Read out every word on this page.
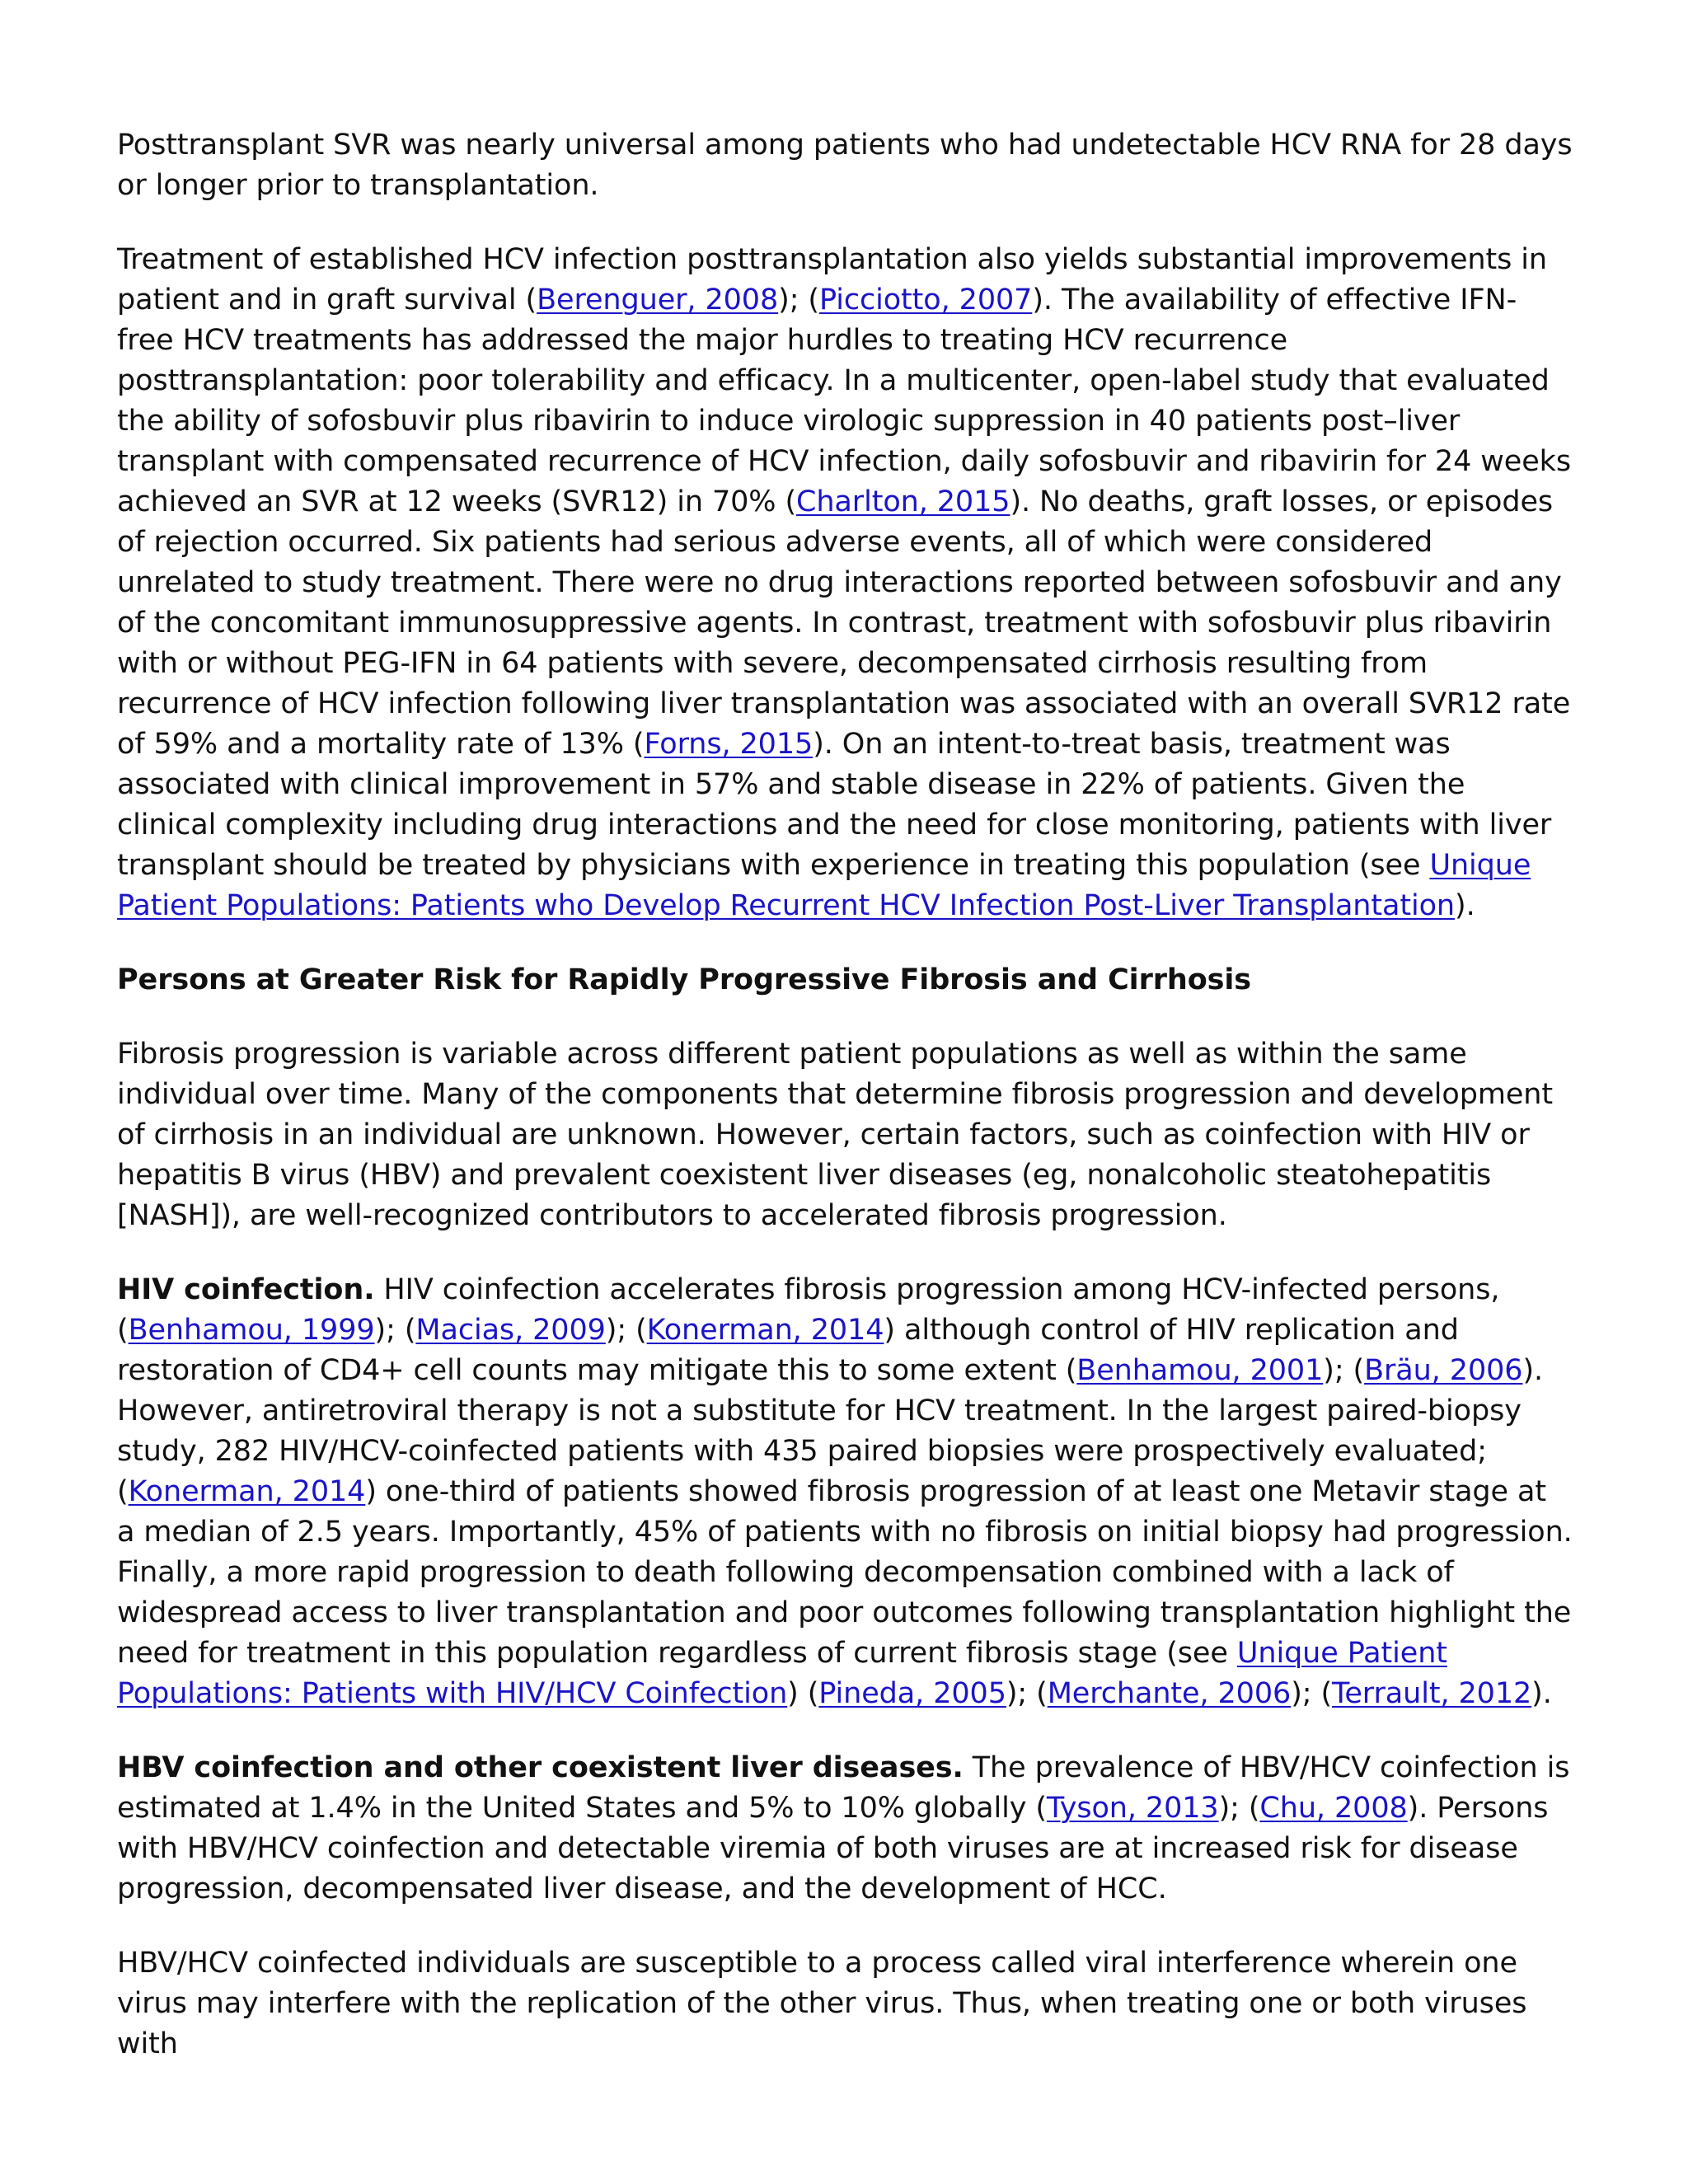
Posttransplant SVR was nearly universal among patients who had undetectable HCV RNA for 28 days or longer prior to transplantation.

Treatment of established HCV infection posttransplantation also yields substantial improvements in patient and in graft survival (Berenguer, 2008); (Picciotto, 2007). The availability of effective IFN-free HCV treatments has addressed the major hurdles to treating HCV recurrence posttransplantation: poor tolerability and efficacy. In a multicenter, open-label study that evaluated the ability of sofosbuvir plus ribavirin to induce virologic suppression in 40 patients post–liver transplant with compensated recurrence of HCV infection, daily sofosbuvir and ribavirin for 24 weeks achieved an SVR at 12 weeks (SVR12) in 70% (Charlton, 2015). No deaths, graft losses, or episodes of rejection occurred. Six patients had serious adverse events, all of which were considered unrelated to study treatment. There were no drug interactions reported between sofosbuvir and any of the concomitant immunosuppressive agents. In contrast, treatment with sofosbuvir plus ribavirin with or without PEG-IFN in 64 patients with severe, decompensated cirrhosis resulting from recurrence of HCV infection following liver transplantation was associated with an overall SVR12 rate of 59% and a mortality rate of 13% (Forns, 2015). On an intent-to-treat basis, treatment was associated with clinical improvement in 57% and stable disease in 22% of patients. Given the clinical complexity including drug interactions and the need for close monitoring, patients with liver transplant should be treated by physicians with experience in treating this population (see Unique Patient Populations: Patients who Develop Recurrent HCV Infection Post-Liver Transplantation).

Persons at Greater Risk for Rapidly Progressive Fibrosis and Cirrhosis

Fibrosis progression is variable across different patient populations as well as within the same individual over time. Many of the components that determine fibrosis progression and development of cirrhosis in an individual are unknown. However, certain factors, such as coinfection with HIV or hepatitis B virus (HBV) and prevalent coexistent liver diseases (eg, nonalcoholic steatohepatitis [NASH]), are well-recognized contributors to accelerated fibrosis progression.

HIV coinfection. HIV coinfection accelerates fibrosis progression among HCV-infected persons, (Benhamou, 1999); (Macias, 2009); (Konerman, 2014) although control of HIV replication and restoration of CD4+ cell counts may mitigate this to some extent (Benhamou, 2001); (Bräu, 2006). However, antiretroviral therapy is not a substitute for HCV treatment. In the largest paired-biopsy study, 282 HIV/HCV-coinfected patients with 435 paired biopsies were prospectively evaluated; (Konerman, 2014) one-third of patients showed fibrosis progression of at least one Metavir stage at a median of 2.5 years. Importantly, 45% of patients with no fibrosis on initial biopsy had progression. Finally, a more rapid progression to death following decompensation combined with a lack of widespread access to liver transplantation and poor outcomes following transplantation highlight the need for treatment in this population regardless of current fibrosis stage (see Unique Patient Populations: Patients with HIV/HCV Coinfection) (Pineda, 2005); (Merchante, 2006); (Terrault, 2012).

HBV coinfection and other coexistent liver diseases. The prevalence of HBV/HCV coinfection is estimated at 1.4% in the United States and 5% to 10% globally (Tyson, 2013); (Chu, 2008). Persons with HBV/HCV coinfection and detectable viremia of both viruses are at increased risk for disease progression, decompensated liver disease, and the development of HCC.

HBV/HCV coinfected individuals are susceptible to a process called viral interference wherein one virus may interfere with the replication of the other virus. Thus, when treating one or both viruses with
